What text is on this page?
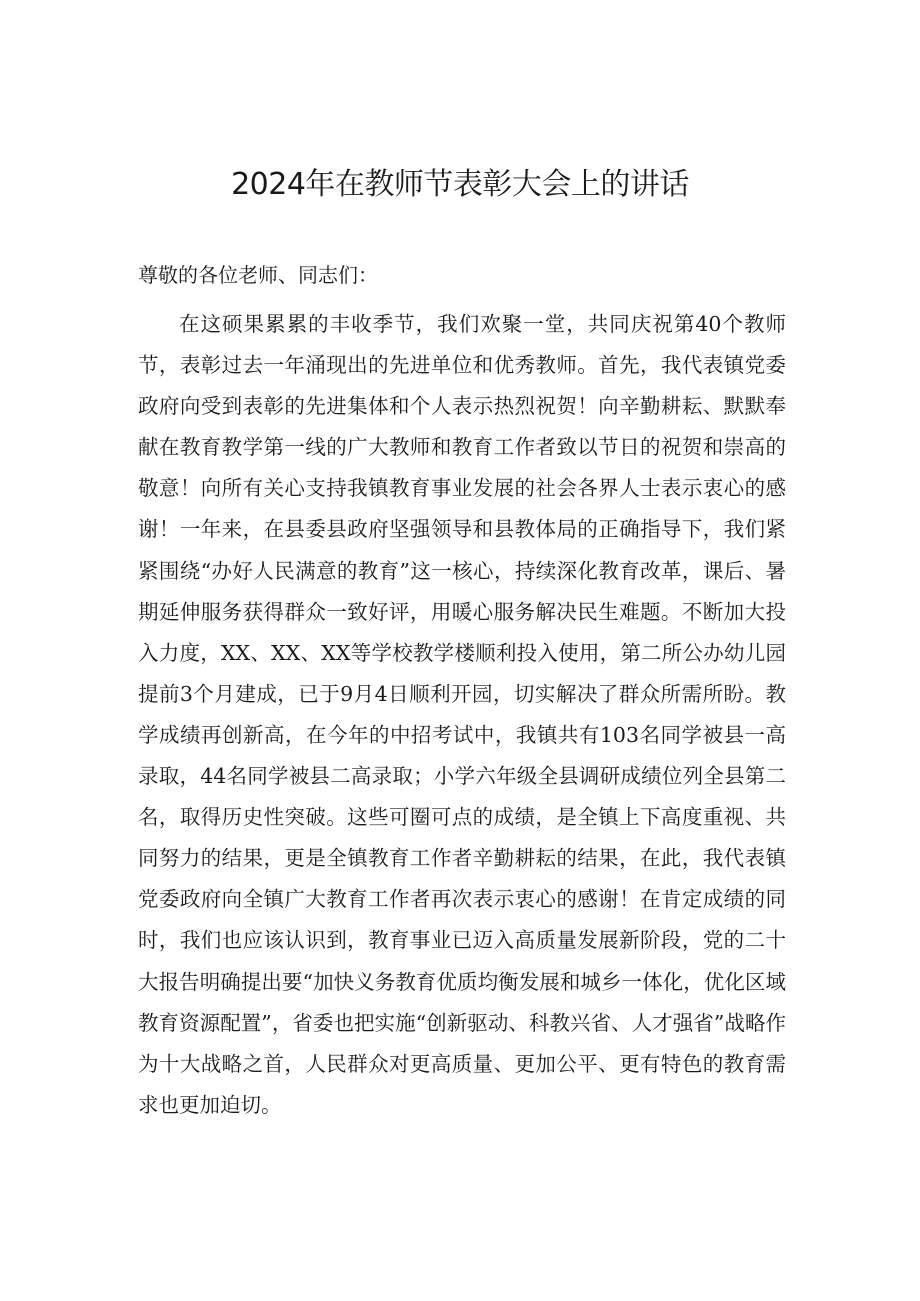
2024年在教师节表彰大会上的讲话

尊敬的各位老师、同志们：

在这硕果累累的丰收季节，我们欢聚一堂，共同庆祝第40个教师节，表彰过去一年涌现出的先进单位和优秀教师。首先，我代表镇党委政府向受到表彰的先进集体和个人表示热烈祝贺！向辛勤耕耘、默默奉献在教育教学第一线的广大教师和教育工作者致以节日的祝贺和崇高的敬意！向所有关心支持我镇教育事业发展的社会各界人士表示衷心的感谢！一年来，在县委县政府坚强领导和县教体局的正确指导下，我们紧紧围绕“办好人民满意的教育”这一核心，持续深化教育改革，课后、暑期延伸服务获得群众一致好评，用暖心服务解决民生难题。不断加大投入力度，XX、XX、XX等学校教学楼顺利投入使用，第二所公办幼儿园提前3个月建成，已于9月4日顺利开园，切实解决了群众所需所盼。教学成绩再创新高，在今年的中招考试中，我镇共有103名同学被县一高录取，44名同学被县二高录取；小学六年级全县调研成绩位列全县第二名，取得历史性突破。这些可圈可点的成绩，是全镇上下高度重视、共同努力的结果，更是全镇教育工作者辛勤耕耘的结果，在此，我代表镇党委政府向全镇广大教育工作者再次表示衷心的感谢！在肯定成绩的同时，我们也应该认识到，教育事业已迈入高质量发展新阶段，党的二十大报告明确提出要“加快义务教育优质均衡发展和城乡一体化，优化区域教育资源配置”，省委也把实施“创新驱动、科教兴省、人才强省”战略作为十大战略之首，人民群众对更高质量、更加公平、更有特色的教育需求也更加迫切。
